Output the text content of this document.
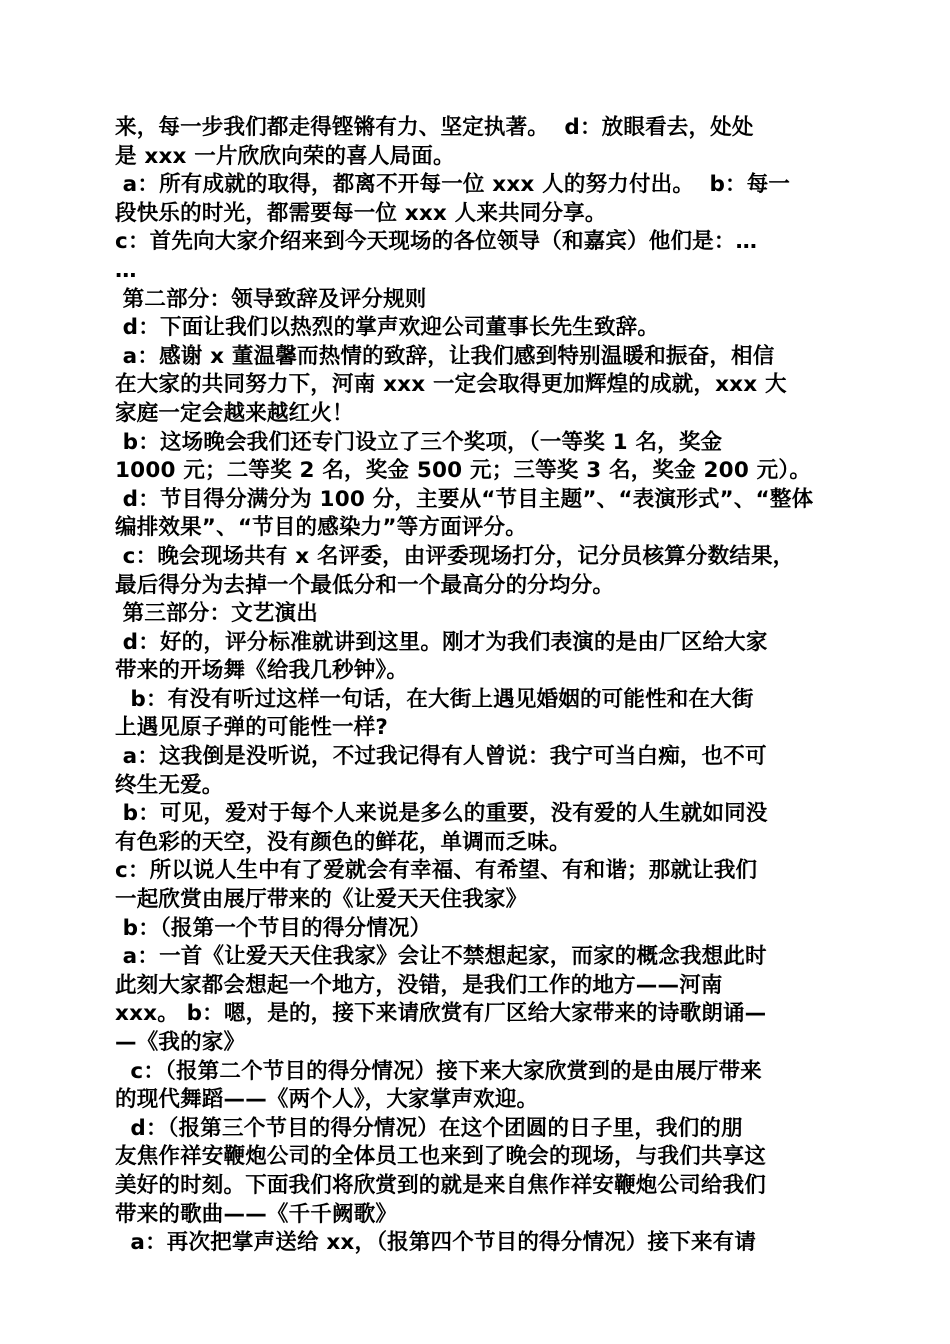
来，每一步我们都走得铿锵有力、坚定执著。  d：放眼看去，处处
是 xxx 一片欣欣向荣的喜人局面。
a：所有成就的取得，都离不开每一位 xxx 人的努力付出。  b：每一
段快乐的时光，都需要每一位 xxx 人来共同分享。
c：首先向大家介绍来到今天现场的各位领导（和嘉宾）他们是：…
…
第二部分：领导致辞及评分规则
d：下面让我们以热烈的掌声欢迎公司董事长先生致辞。
a：感谢 x 董温馨而热情的致辞，让我们感到特别温暖和振奋，相信
在大家的共同努力下，河南 xxx 一定会取得更加辉煌的成就，xxx 大
家庭一定会越来越红火！
b：这场晚会我们还专门设立了三个奖项，（一等奖 1 名，奖金
1000 元；二等奖 2 名，奖金 500 元；三等奖 3 名，奖金 200 元）。
d：节目得分满分为 100 分，主要从“节目主题”、“表演形式”、“整体
编排效果”、“节目的感染力”等方面评分。
c：晚会现场共有 x 名评委，由评委现场打分，记分员核算分数结果，
最后得分为去掉一个最低分和一个最高分的分均分。
第三部分：文艺演出
d：好的，评分标准就讲到这里。刚才为我们表演的是由厂区给大家
带来的开场舞《给我几秒钟》。
b：有没有听过这样一句话，在大街上遇见婚姻的可能性和在大街
上遇见原子弹的可能性一样?
a：这我倒是没听说，不过我记得有人曾说：我宁可当白痴，也不可
终生无爱。
b：可见，爱对于每个人来说是多么的重要，没有爱的人生就如同没
有色彩的天空，没有颜色的鲜花，单调而乏味。
c：所以说人生中有了爱就会有幸福、有希望、有和谐；那就让我们
一起欣赏由展厅带来的《让爱天天住我家》
b：（报第一个节目的得分情况）
a：一首《让爱天天住我家》会让不禁想起家，而家的概念我想此时
此刻大家都会想起一个地方，没错，是我们工作的地方——河南
xxx。 b：嗯，是的，接下来请欣赏有厂区给大家带来的诗歌朗诵—
—《我的家》
c：（报第二个节目的得分情况）接下来大家欣赏到的是由展厅带来
的现代舞蹈——《两个人》，大家掌声欢迎。
d：（报第三个节目的得分情况）在这个团圆的日子里，我们的朋
友焦作祥安鞭炮公司的全体员工也来到了晚会的现场，与我们共享这
美好的时刻。下面我们将欣赏到的就是来自焦作祥安鞭炮公司给我们
带来的歌曲——《千千阙歌》
a：再次把掌声送给 xx，（报第四个节目的得分情况）接下来有请
